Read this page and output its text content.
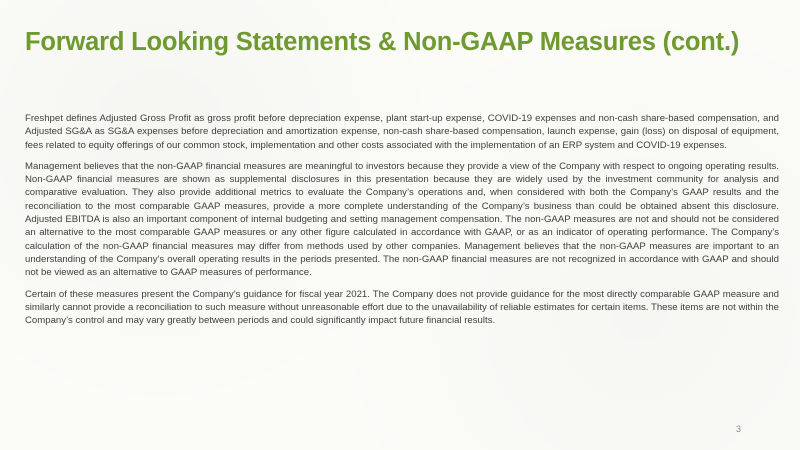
Forward Looking Statements & Non-GAAP Measures (cont.)

Freshpet defines Adjusted Gross Profit as gross profit before depreciation expense, plant start-up expense, COVID-19 expenses and non-cash share-based compensation, and Adjusted SG&A as SG&A expenses before depreciation and amortization expense, non-cash share-based compensation, launch expense, gain (loss) on disposal of equipment, fees related to equity offerings of our common stock, implementation and other costs associated with the implementation of an ERP system and COVID-19 expenses.

Management believes that the non-GAAP financial measures are meaningful to investors because they provide a view of the Company with respect to ongoing operating results. Non-GAAP financial measures are shown as supplemental disclosures in this presentation because they are widely used by the investment community for analysis and comparative evaluation. They also provide additional metrics to evaluate the Company’s operations and, when considered with both the Company’s GAAP results and the reconciliation to the most comparable GAAP measures, provide a more complete understanding of the Company’s business than could be obtained absent this disclosure. Adjusted EBITDA is also an important component of internal budgeting and setting management compensation. The non-GAAP measures are not and should not be considered an alternative to the most comparable GAAP measures or any other figure calculated in accordance with GAAP, or as an indicator of operating performance. The Company’s calculation of the non-GAAP financial measures may differ from methods used by other companies. Management believes that the non-GAAP measures are important to an understanding of the Company's overall operating results in the periods presented. The non-GAAP financial measures are not recognized in accordance with GAAP and should not be viewed as an alternative to GAAP measures of performance.

Certain of these measures present the Company’s guidance for fiscal year 2021. The Company does not provide guidance for the most directly comparable GAAP measure and similarly cannot provide a reconciliation to such measure without unreasonable effort due to the unavailability of reliable estimates for certain items. These items are not within the Company’s control and may vary greatly between periods and could significantly impact future financial results.

3
